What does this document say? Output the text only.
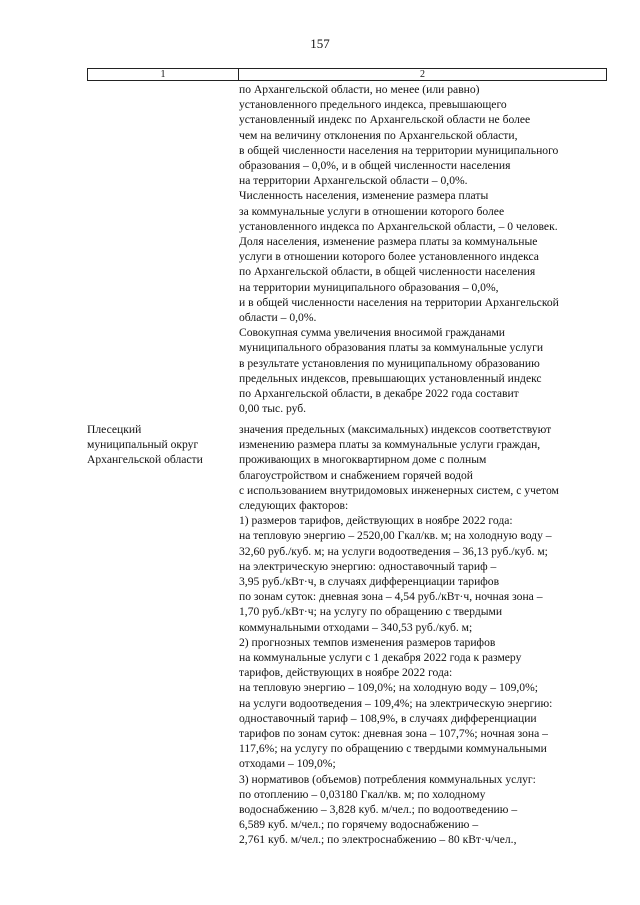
157
1	2
по Архангельской области, но менее (или равно)
установленного предельного индекса, превышающего
установленный индекс по Архангельской области не более
чем на величину отклонения по Архангельской области,
в общей численности населения на территории муниципального
образования – 0,0%, и в общей численности населения
на территории Архангельской области – 0,0%.
Численность населения, изменение размера платы
за коммунальные услуги в отношении которого более
установленного индекса по Архангельской области, – 0 человек.
Доля населения, изменение размера платы за коммунальные
услуги в отношении которого более установленного индекса
по Архангельской области, в общей численности населения
на территории муниципального образования – 0,0%,
и в общей численности населения на территории Архангельской
области – 0,0%.
Совокупная сумма увеличения вносимой гражданами
муниципального образования платы за коммунальные услуги
в результате установления по муниципальному образованию
предельных индексов, превышающих установленный индекс
по Архангельской области, в декабре 2022 года составит
0,00 тыс. руб.
Плесецкий
муниципальный округ
Архангельской области
значения предельных (максимальных) индексов соответствуют
изменению размера платы за коммунальные услуги граждан,
проживающих в многоквартирном доме с полным
благоустройством и снабжением горячей водой
с использованием внутридомовых инженерных систем, с учетом
следующих факторов:
1) размеров тарифов, действующих в ноябре 2022 года:
на тепловую энергию – 2520,00 Гкал/кв. м; на холодную воду –
32,60 руб./куб. м; на услуги водоотведения – 36,13 руб./куб. м;
на электрическую энергию: одноставочный тариф –
3,95 руб./кВт·ч, в случаях дифференциации тарифов
по зонам суток: дневная зона – 4,54 руб./кВт·ч, ночная зона –
1,70 руб./кВт·ч; на услугу по обращению с твердыми
коммунальными отходами – 340,53 руб./куб. м;
2) прогнозных темпов изменения размеров тарифов
на коммунальные услуги с 1 декабря 2022 года к размеру
тарифов, действующих в ноябре 2022 года:
на тепловую энергию – 109,0%; на холодную воду – 109,0%;
на услуги водоотведения – 109,4%; на электрическую энергию:
одноставочный тариф – 108,9%, в случаях дифференциации
тарифов по зонам суток: дневная зона – 107,7%; ночная зона –
117,6%; на услугу по обращению с твердыми коммунальными
отходами – 109,0%;
3) нормативов (объемов) потребления коммунальных услуг:
по отоплению – 0,03180 Гкал/кв. м; по холодному
водоснабжению – 3,828 куб. м/чел.; по водоотведению –
6,589 куб. м/чел.; по горячему водоснабжению –
2,761 куб. м/чел.; по электроснабжению – 80 кВт·ч/чел.,
